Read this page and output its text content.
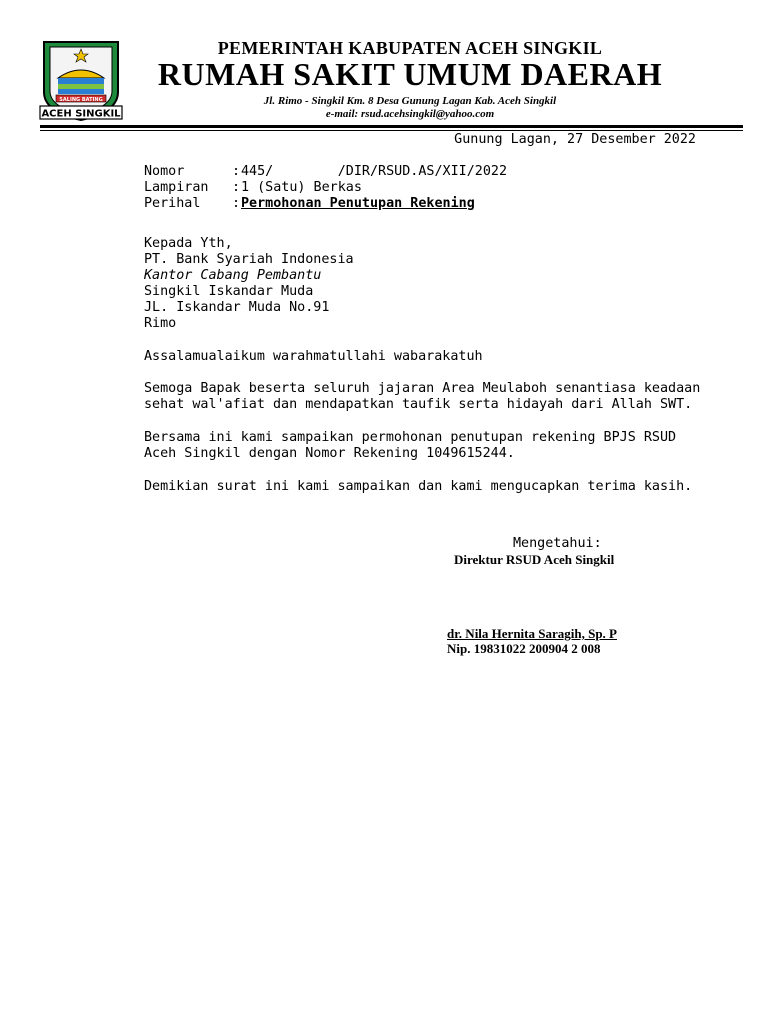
SALING BATING
ACEH SINGKIL
PEMERINTAH KABUPATEN ACEH SINGKIL
RUMAH SAKIT UMUM DAERAH
Jl. Rimo - Singkil Km. 8 Desa Gunung Lagan Kab. Aceh Singkil
e-mail: rsud.acehsingkil@yahoo.com
Gunung Lagan, 27 Desember 2022
Nomor	: 445/        /DIR/RSUD.AS/XII/2022
Lampiran : 1 (Satu) Berkas
Perihal : Permohonan Penutupan Rekening
Kepada Yth,
PT. Bank Syariah Indonesia
Kantor Cabang Pembantu
Singkil Iskandar Muda
JL. Iskandar Muda No.91
Rimo
Assalamualaikum warahmatullahi wabarakatuh
Semoga Bapak beserta seluruh jajaran Area Meulaboh senantiasa keadaan sehat wal'afiat dan mendapatkan taufik serta hidayah dari Allah SWT.
Bersama ini kami sampaikan permohonan penutupan rekening BPJS RSUD Aceh Singkil dengan Nomor Rekening 1049615244.
Demikian surat ini kami sampaikan dan kami mengucapkan terima kasih.
Mengetahui:
Direktur RSUD Aceh Singkil
dr. Nila Hernita Saragih, Sp. P
Nip. 19831022 200904 2 008
